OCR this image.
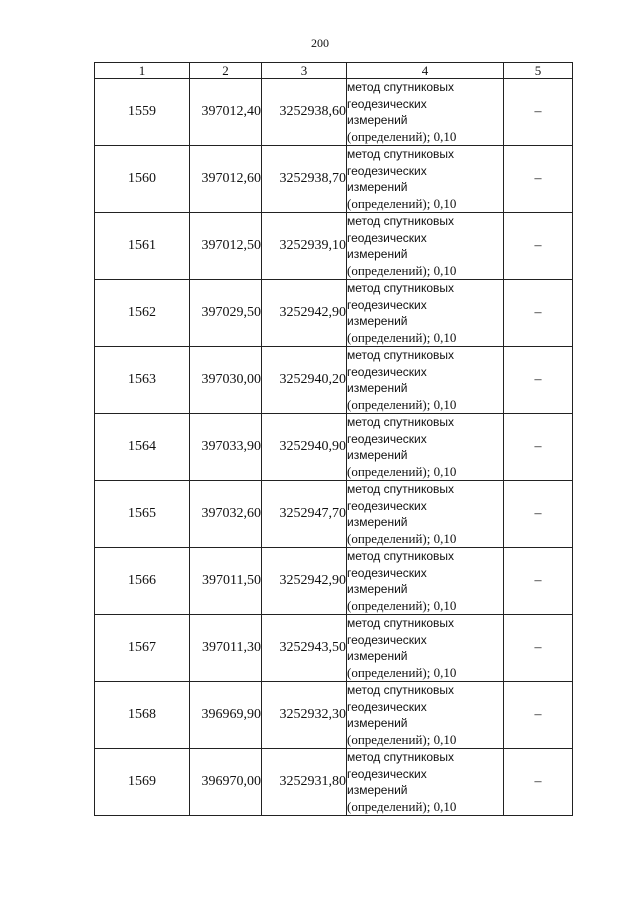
200
1	2	3	4	5
1559	397012,40	3252938,60	метод спутниковых
геодезических
измерений
(определений); 0,10	–
1560	397012,60	3252938,70	метод спутниковых
геодезических
измерений
(определений); 0,10	–
1561	397012,50	3252939,10	метод спутниковых
геодезических
измерений
(определений); 0,10	–
1562	397029,50	3252942,90	метод спутниковых
геодезических
измерений
(определений); 0,10	–
1563	397030,00	3252940,20	метод спутниковых
геодезических
измерений
(определений); 0,10	–
1564	397033,90	3252940,90	метод спутниковых
геодезических
измерений
(определений); 0,10	–
1565	397032,60	3252947,70	метод спутниковых
геодезических
измерений
(определений); 0,10	–
1566	397011,50	3252942,90	метод спутниковых
геодезических
измерений
(определений); 0,10	–
1567	397011,30	3252943,50	метод спутниковых
геодезических
измерений
(определений); 0,10	–
1568	396969,90	3252932,30	метод спутниковых
геодезических
измерений
(определений); 0,10	–
1569	396970,00	3252931,80	метод спутниковых
геодезических
измерений
(определений); 0,10	–
